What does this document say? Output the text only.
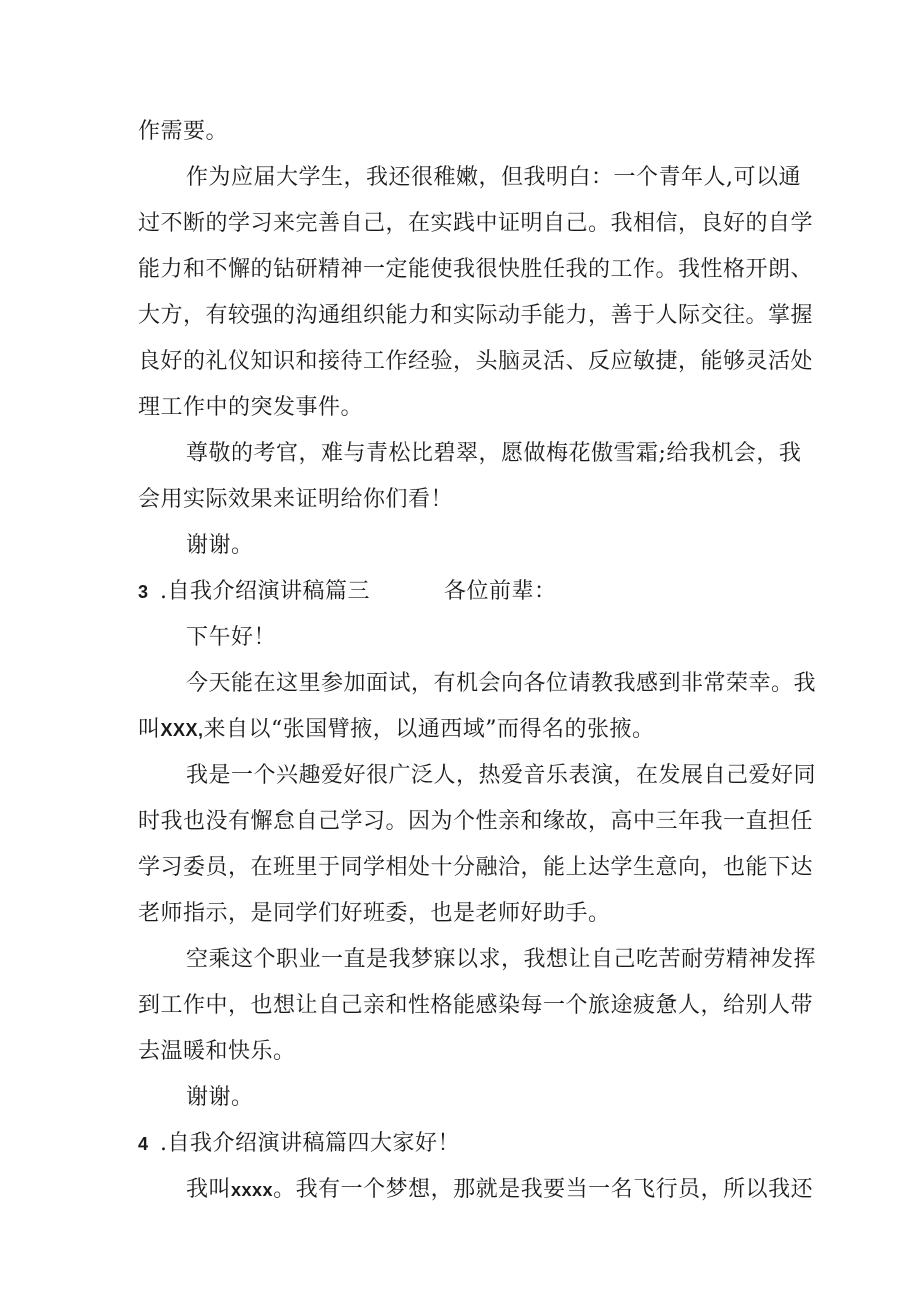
作需要。
作为应届大学生，我还很稚嫩，但我明白：一个青年人,可以通
过不断的学习来完善自己，在实践中证明自己。我相信，良好的自学
能力和不懈的钻研精神一定能使我很快胜任我的工作。我性格开朗、
大方，有较强的沟通组织能力和实际动手能力，善于人际交往。掌握
良好的礼仪知识和接待工作经验，头脑灵活、反应敏捷，能够灵活处
理工作中的突发事件。
尊敬的考官，难与青松比碧翠，愿做梅花傲雪霜;给我机会，我
会用实际效果来证明给你们看！
谢谢。
3 .自我介绍演讲稿篇三	各位前辈：
下午好！
今天能在这里参加面试，有机会向各位请教我感到非常荣幸。我
叫XXX,来自以“张国臂掖，以通西域”而得名的张掖。
我是一个兴趣爱好很广泛人，热爱音乐表演，在发展自己爱好同
时我也没有懈怠自己学习。因为个性亲和缘故，高中三年我一直担任
学习委员，在班里于同学相处十分融洽，能上达学生意向，也能下达
老师指示，是同学们好班委，也是老师好助手。
空乘这个职业一直是我梦寐以求，我想让自己吃苦耐劳精神发挥
到工作中，也想让自己亲和性格能感染每一个旅途疲惫人，给别人带
去温暖和快乐。
谢谢。
4 .自我介绍演讲稿篇四大家好！
我叫xxxx。我有一个梦想，那就是我要当一名飞行员，所以我还
